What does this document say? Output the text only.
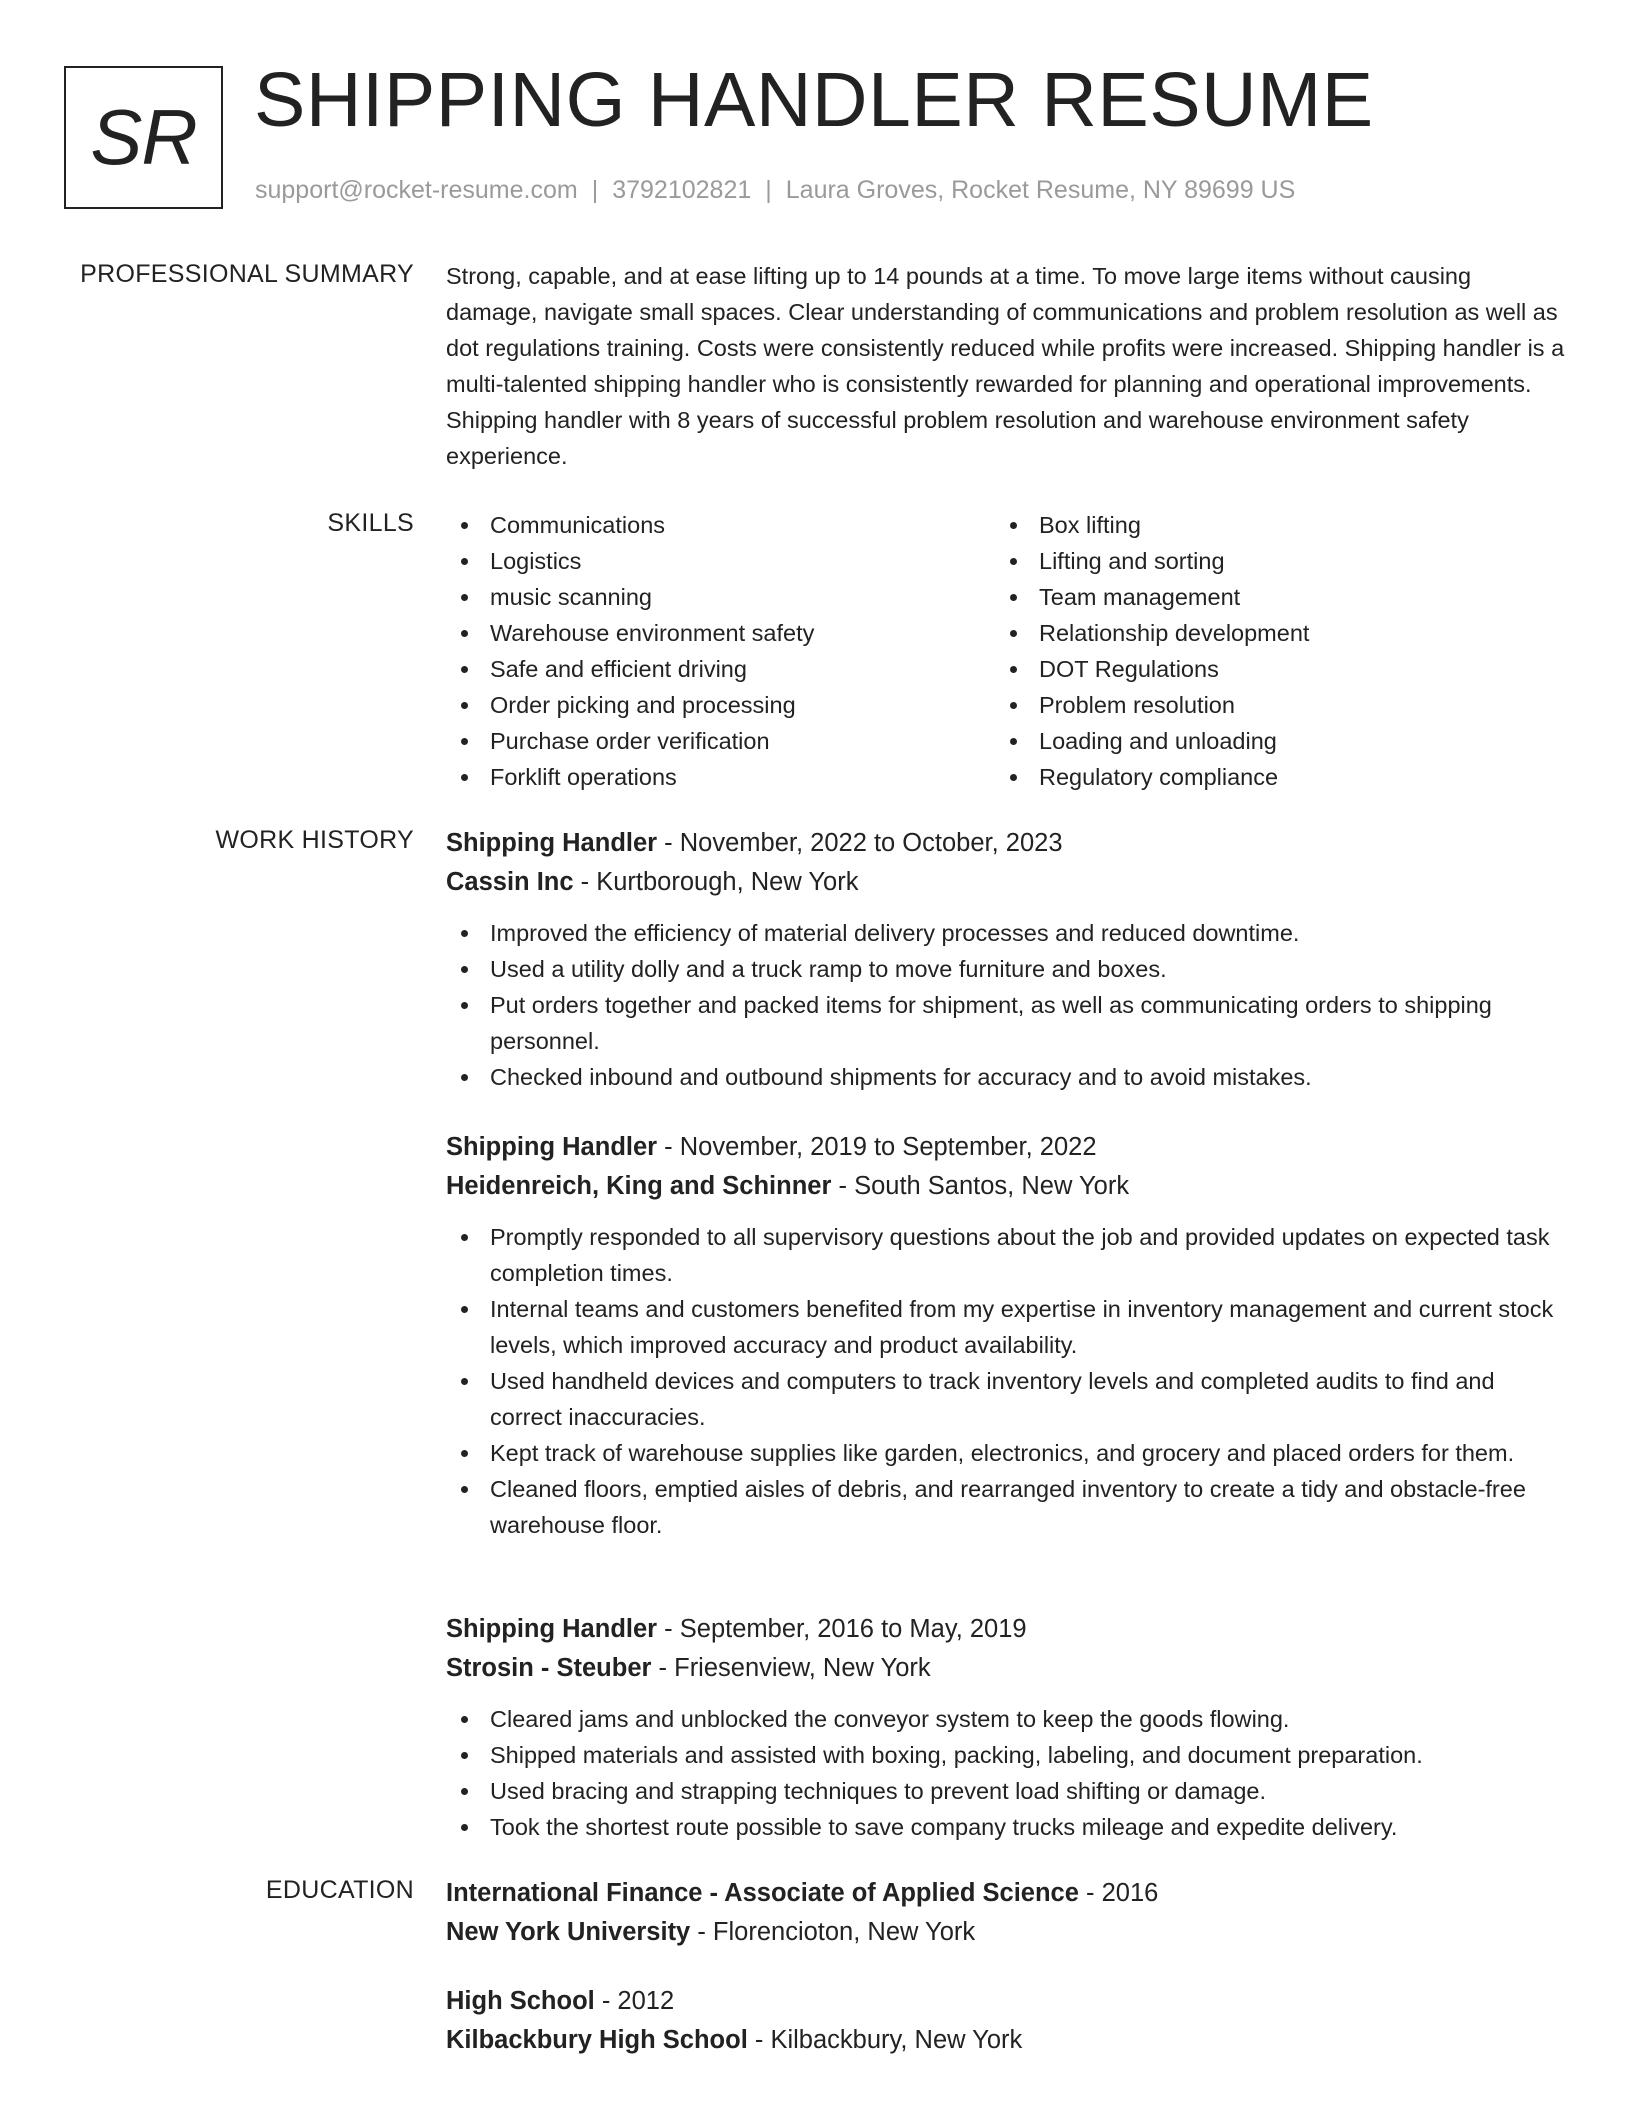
SR SHIPPING HANDLER RESUME
support@rocket-resume.com | 3792102821 | Laura Groves, Rocket Resume, NY 89699 US
PROFESSIONAL SUMMARY Strong, capable, and at ease lifting up to 14 pounds at a time. To move large items without causing damage, navigate small spaces. Clear understanding of communications and problem resolution as well as dot regulations training. Costs were consistently reduced while profits were increased. Shipping handler is a multi-talented shipping handler who is consistently rewarded for planning and operational improvements. Shipping handler with 8 years of successful problem resolution and warehouse environment safety experience.
SKILLS	Communications
Logistics
music scanning
Warehouse environment safety
Safe and efficient driving
Order picking and processing
Purchase order verification
Forklift operations
Box lifting
Lifting and sorting
Team management
Relationship development
DOT Regulations
Problem resolution
Loading and unloading
Regulatory compliance
WORK HISTORY Shipping Handler - November, 2022 to October, 2023
Cassin Inc - Kurtborough, New York
Improved the efficiency of material delivery processes and reduced downtime.
Used a utility dolly and a truck ramp to move furniture and boxes.
Put orders together and packed items for shipment, as well as communicating orders to shipping personnel.
Checked inbound and outbound shipments for accuracy and to avoid mistakes.
Shipping Handler - November, 2019 to September, 2022
Heidenreich, King and Schinner - South Santos, New York
Promptly responded to all supervisory questions about the job and provided updates on expected task completion times.
Internal teams and customers benefited from my expertise in inventory management and current stock levels, which improved accuracy and product availability.
Used handheld devices and computers to track inventory levels and completed audits to find and correct inaccuracies.
Kept track of warehouse supplies like garden, electronics, and grocery and placed orders for them.
Cleaned floors, emptied aisles of debris, and rearranged inventory to create a tidy and obstacle-free warehouse floor.
Shipping Handler - September, 2016 to May, 2019
Strosin - Steuber - Friesenview, New York
Cleared jams and unblocked the conveyor system to keep the goods flowing.
Shipped materials and assisted with boxing, packing, labeling, and document preparation.
Used bracing and strapping techniques to prevent load shifting or damage.
Took the shortest route possible to save company trucks mileage and expedite delivery.
EDUCATION International Finance - Associate of Applied Science - 2016
New York University - Florencioton, New York
High School - 2012
Kilbackbury High School - Kilbackbury, New York
